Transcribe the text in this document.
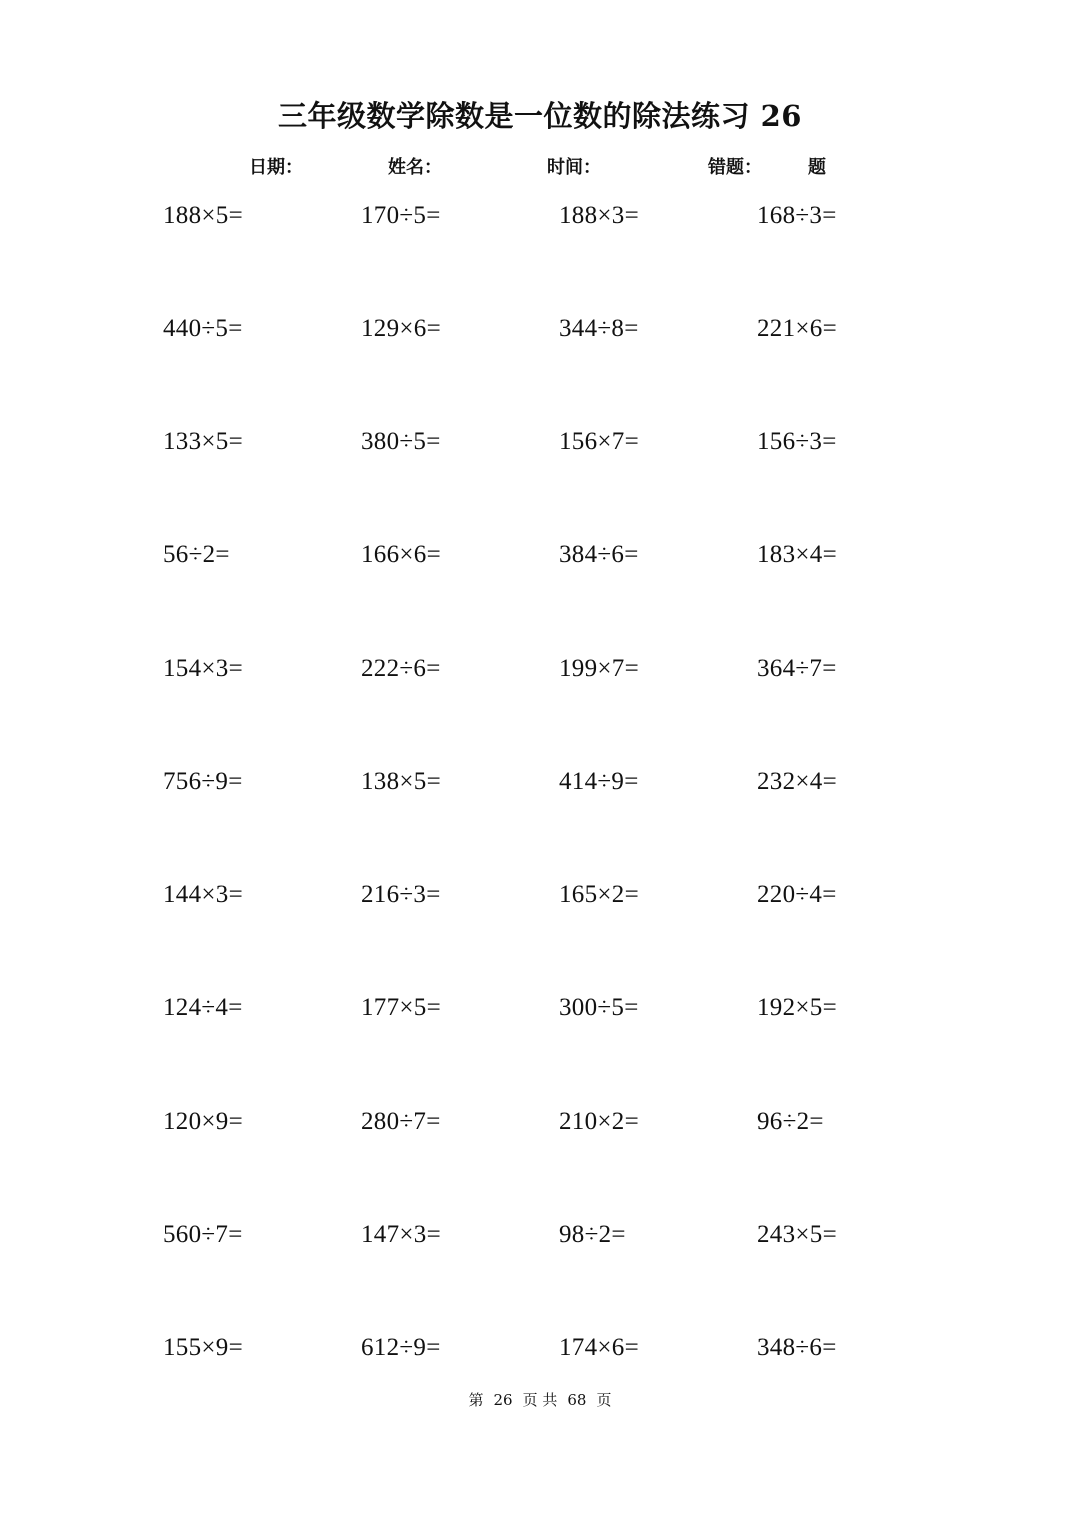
三年级数学除数是一位数的除法练习 26
日期：	姓名：	时间：	错题：	题
188×5=	170÷5=	188×3=	168÷3=
440÷5=	129×6=	344÷8=	221×6=
133×5=	380÷5=	156×7=	156÷3=
56÷2=	166×6=	384÷6=	183×4=
154×3=	222÷6=	199×7=	364÷7=
756÷9=	138×5=	414÷9=	232×4=
144×3=	216÷3=	165×2=	220÷4=
124÷4=	177×5=	300÷5=	192×5=
120×9=	280÷7=	210×2=	96÷2=
560÷7=	147×3=	98÷2=	243×5=
155×9=	612÷9=	174×6=	348÷6=
第 26 页 共 68 页
